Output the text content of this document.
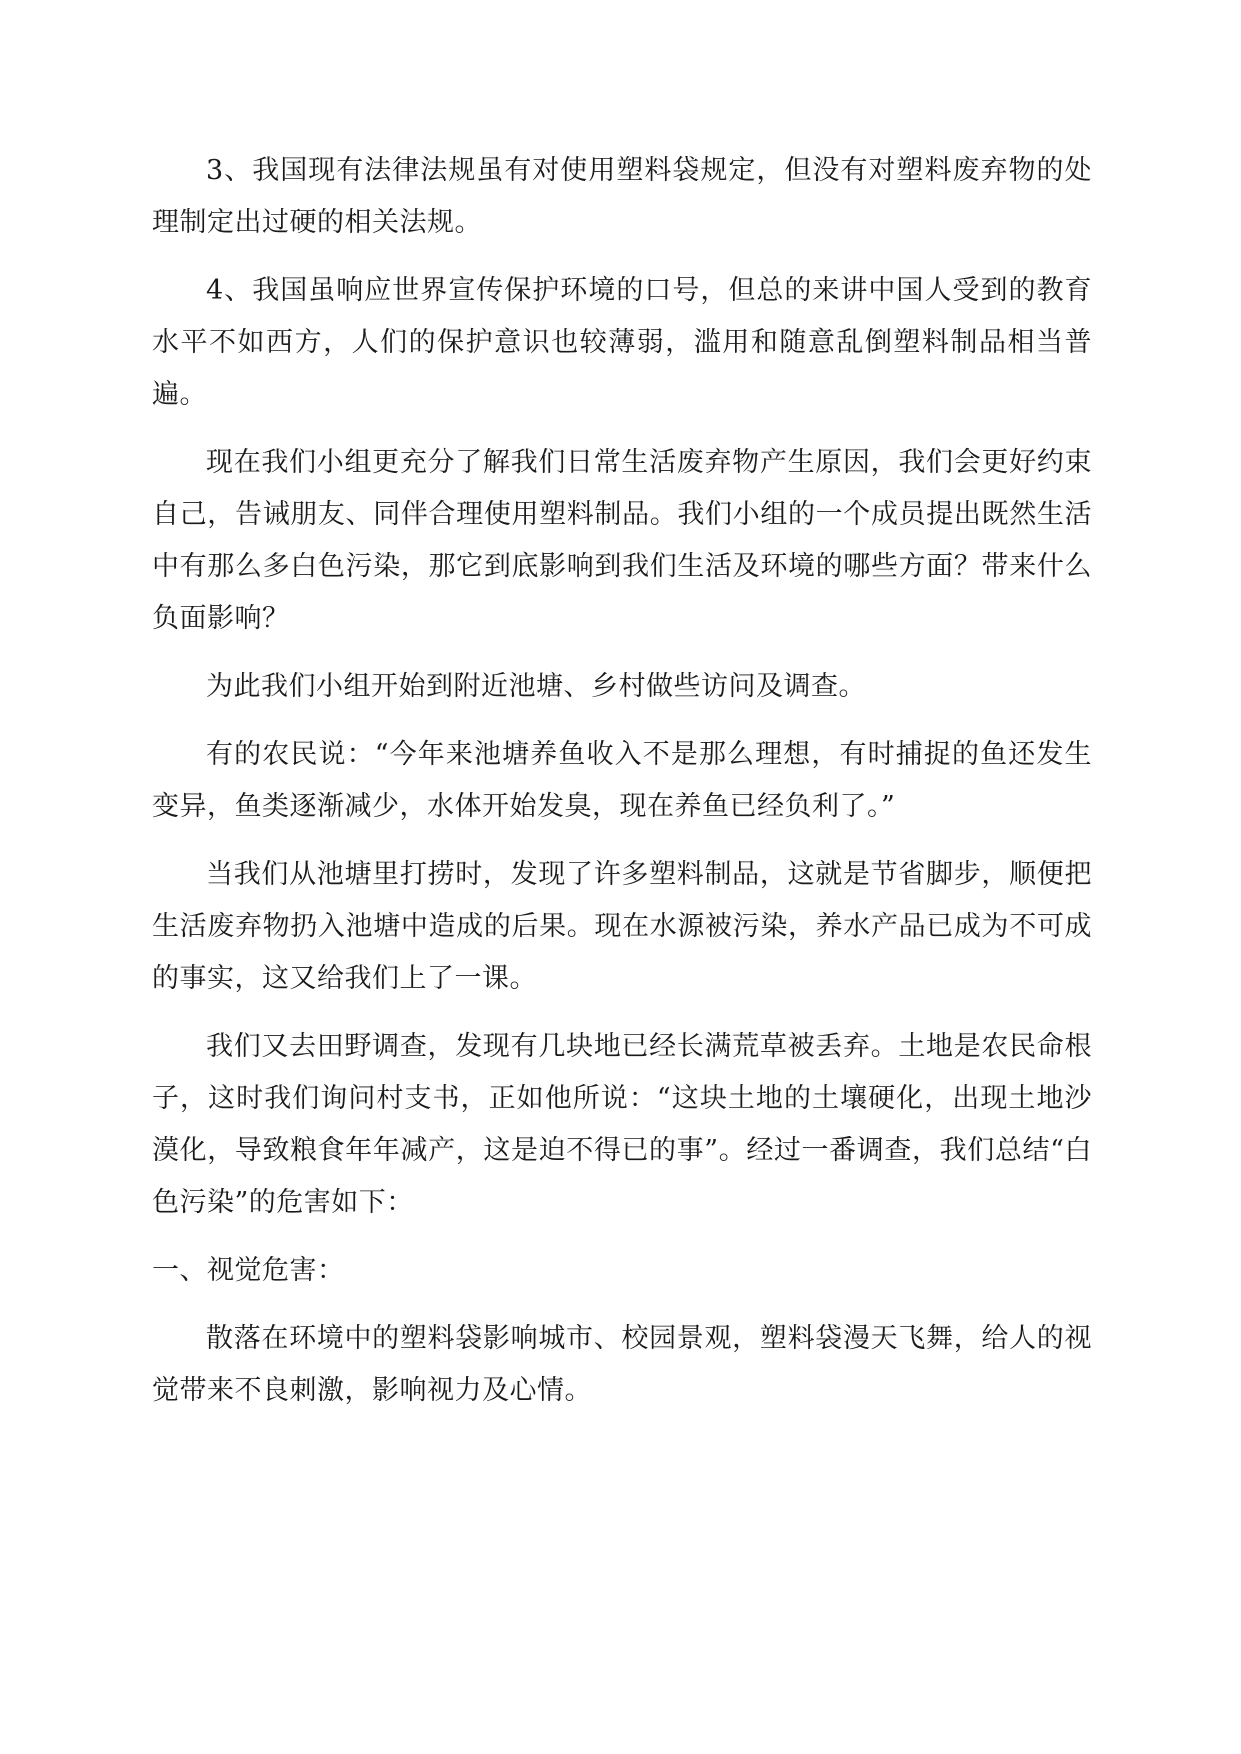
3、我国现有法律法规虽有对使用塑料袋规定，但没有对塑料废弃物的处理制定出过硬的相关法规。

4、我国虽响应世界宣传保护环境的口号，但总的来讲中国人受到的教育水平不如西方，人们的保护意识也较薄弱，滥用和随意乱倒塑料制品相当普遍。

现在我们小组更充分了解我们日常生活废弃物产生原因，我们会更好约束自己，告诫朋友、同伴合理使用塑料制品。我们小组的一个成员提出既然生活中有那么多白色污染，那它到底影响到我们生活及环境的哪些方面？带来什么负面影响？

为此我们小组开始到附近池塘、乡村做些访问及调查。

有的农民说：“今年来池塘养鱼收入不是那么理想，有时捕捉的鱼还发生变异，鱼类逐渐减少，水体开始发臭，现在养鱼已经负利了。”

当我们从池塘里打捞时，发现了许多塑料制品，这就是节省脚步，顺便把生活废弃物扔入池塘中造成的后果。现在水源被污染，养水产品已成为不可成的事实，这又给我们上了一课。

我们又去田野调查，发现有几块地已经长满荒草被丢弃。土地是农民命根子，这时我们询问村支书，正如他所说：“这块土地的土壤硬化，出现土地沙漠化，导致粮食年年减产，这是迫不得已的事”。经过一番调查，我们总结“白色污染”的危害如下：

一、视觉危害：

散落在环境中的塑料袋影响城市、校园景观，塑料袋漫天飞舞，给人的视觉带来不良刺激，影响视力及心情。
